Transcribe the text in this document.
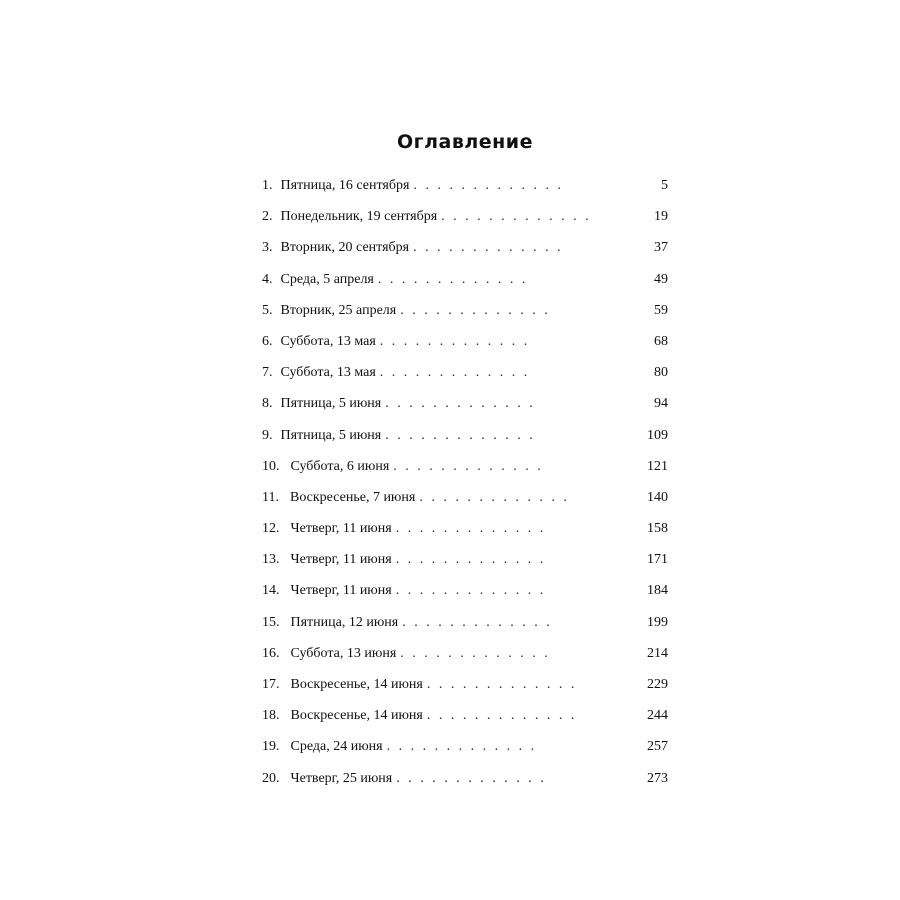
Оглавление
1. Пятница, 16 сентября . . .	5
2. Понедельник, 19 сентября . . .	19
3. Вторник, 20 сентября . . .	37
4. Среда, 5 апреля . . .	49
5. Вторник, 25 апреля . . .	59
6. Суббота, 13 мая . . .	68
7. Суббота, 13 мая . . .	80
8. Пятница, 5 июня . . .	94
9. Пятница, 5 июня . . .	109
10. Суббота, 6 июня . . .	121
11. Воскресенье, 7 июня . . .	140
12. Четверг, 11 июня . . .	158
13. Четверг, 11 июня . . .	171
14. Четверг, 11 июня . . .	184
15. Пятница, 12 июня . . .	199
16. Суббота, 13 июня . . .	214
17. Воскресенье, 14 июня . . .	229
18. Воскресенье, 14 июня . . .	244
19. Среда, 24 июня . . .	257
20. Четверг, 25 июня . . .	273
